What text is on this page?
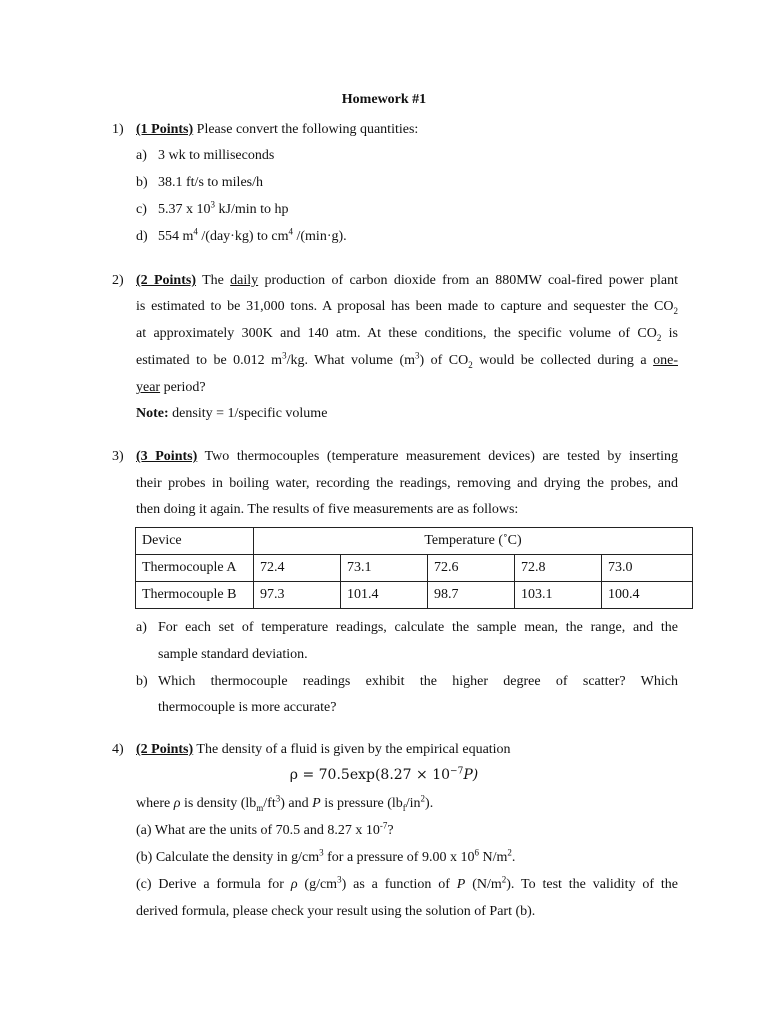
Homework #1
1) (1 Points) Please convert the following quantities:
a) 3 wk to milliseconds
b) 38.1 ft/s to miles/h
c) 5.37 x $10^3$ kJ/min to hp
d) 554 $m^4$ /(day·kg) to $cm^4$ /(min·g).
2) (2 Points) The daily production of carbon dioxide from an 880MW coal-fired power plant
is estimated to be 31,000 tons. A proposal has been made to capture and sequester the $CO_2$
at approximately 300K and 140 atm. At these conditions, the specific volume of $CO_2$ is
estimated to be 0.012 $m^3/kg$. What volume $(m^3)$ of $CO_2$ would be collected during a one-
year period?
Note: density = 1/specific volume
3) (3 Points) Two thermocouples (temperature measurement devices) are tested by inserting
their probes in boiling water, recording the readings, removing and drying the probes, and
then doing it again. The results of five measurements are as follows:
Device	Temperature (˚C)				
Thermocouple A	72.4	73.1	72.6	72.8	73.0
Thermocouple B	97.3	101.4	98.7	103.1	100.4
a) For each set of temperature readings, calculate the sample mean, the range, and the
sample standard deviation.
b) Which thermocouple readings exhibit the higher degree of scatter? Which
thermocouple is more accurate?
4) (2 Points) The density of a fluid is given by the empirical equation
$\rho = 70.5\exp(8.27 \times 10^{-7}P)$
where ρ is density $(lb_m/ft^3)$ and P is pressure $(lb_f/in^2)$.
(a) What are the units of 70.5 and 8.27 x $10^{-7}$?
(b) Calculate the density in $g/cm^3$ for a pressure of 9.00 x $10^6$ $N/m^2$.
(c) Derive a formula for ρ $(g/cm^3)$ as a function of P $(N/m^2)$. To test the validity of the
derived formula, please check your result using the solution of Part (b).
